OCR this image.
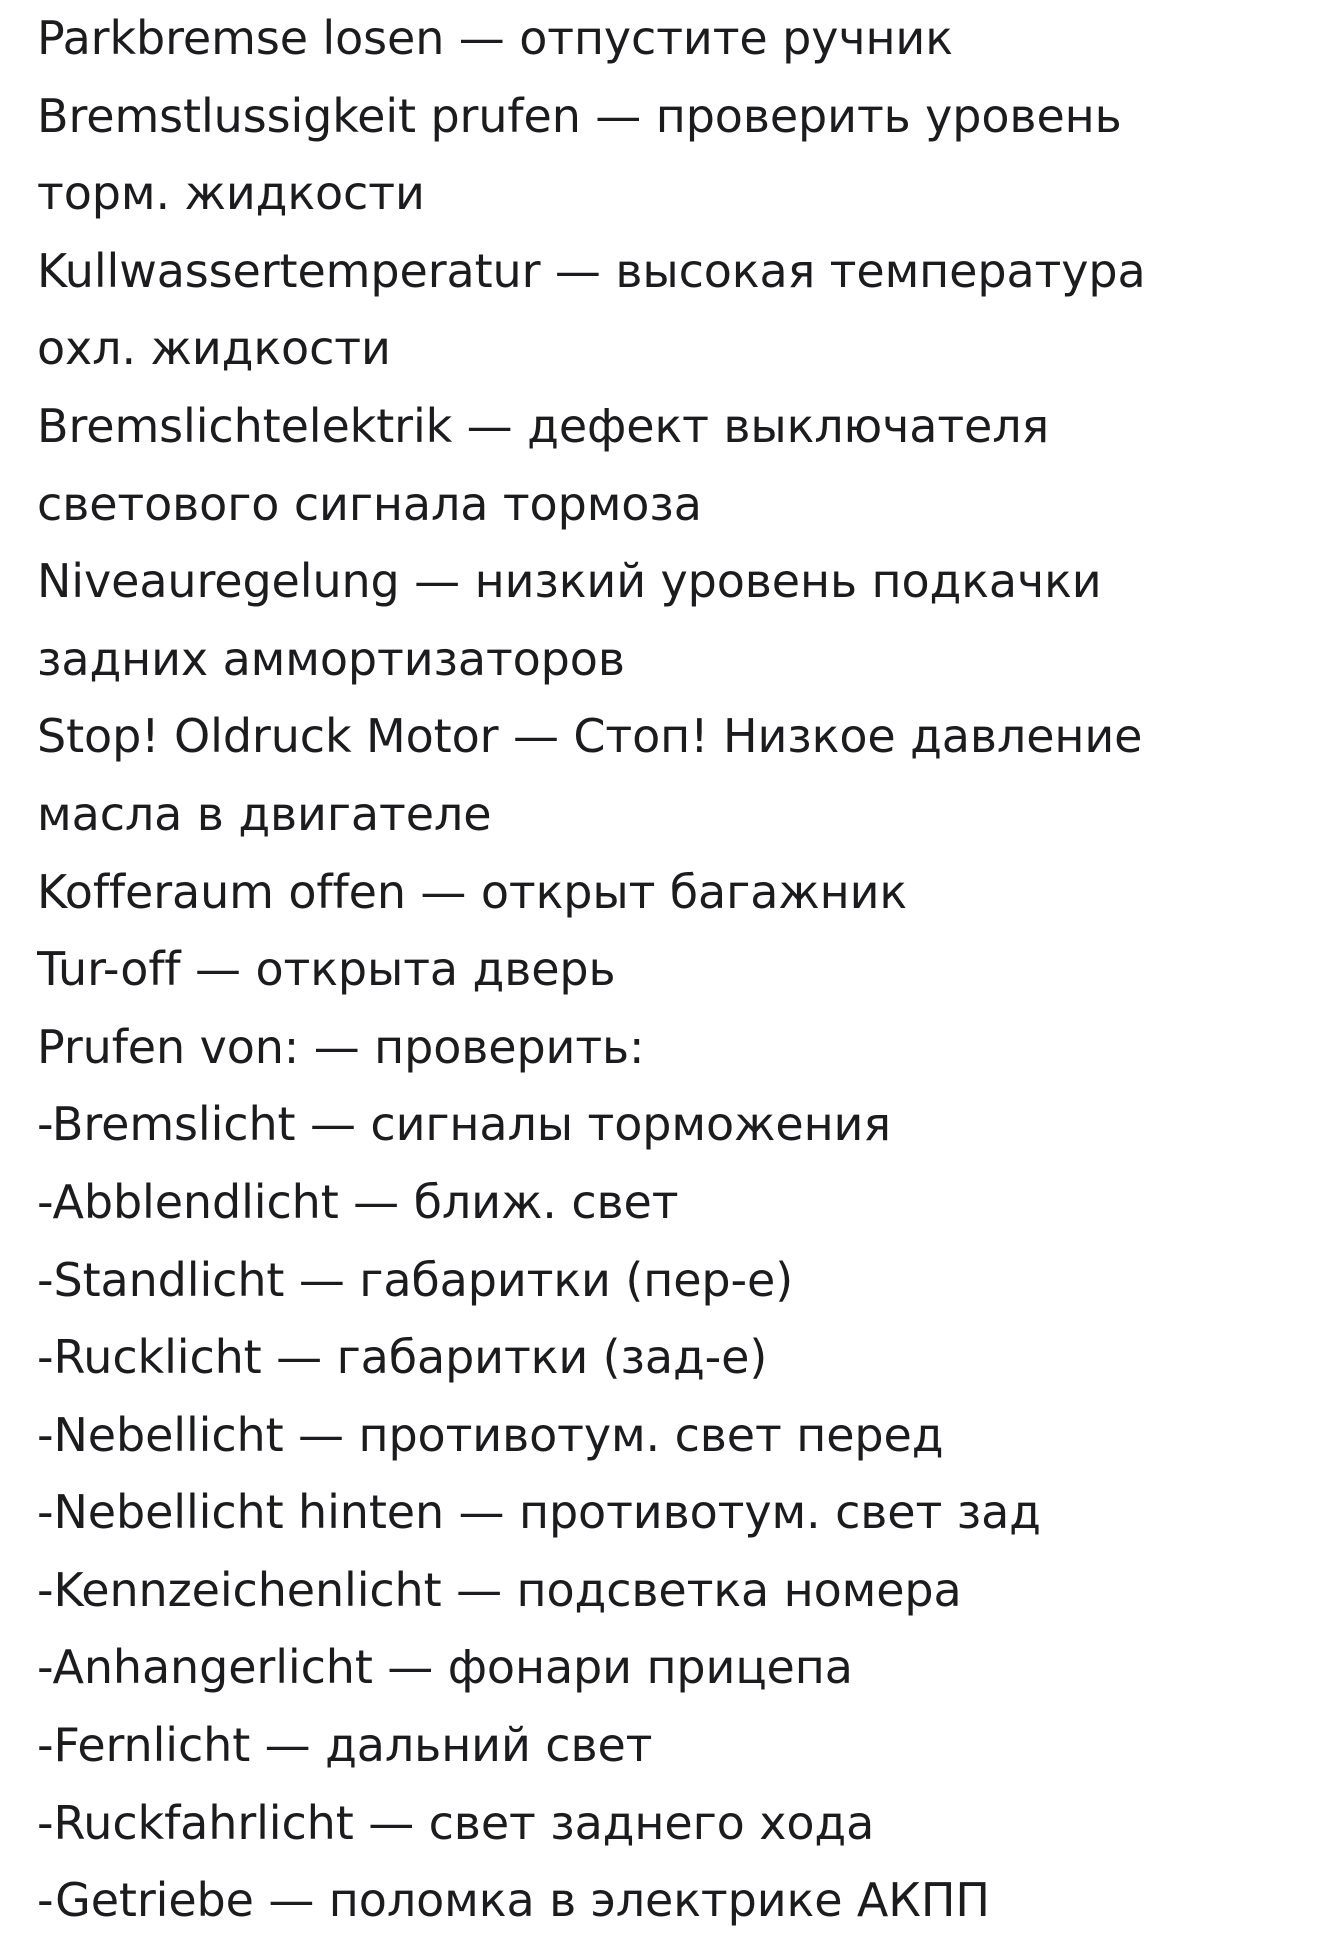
Parkbremse losen — отпустите ручник

Bremstlussigkeit prufen — проверить уровень

торм. жидкости

Kullwassertemperatur — высокая температура

охл. жидкости

Bremslichtelektrik — дефект выключателя

светового сигнала тормоза

Niveauregelung — низкий уровень подкачки

задних аммортизаторов

Stop! Oldruck Motor — Стоп! Низкое давление

масла в двигателе

Kofferaum offen — открыт багажник

Tur-off — открыта дверь

Prufen von: — проверить:

-Bremslicht — сигналы торможения

-Abblendlicht — ближ. свет

-Standlicht — габаритки (пер-е)

-Rucklicht — габаритки (зад-е)

-Nebellicht — противотум. свет перед

-Nebellicht hinten — противотум. свет зад

-Kennzeichenlicht — подсветка номера

-Anhangerlicht — фонари прицепа

-Fernlicht — дальний свет

-Ruckfahrlicht — свет заднего хода

-Getriebe — поломка в электрике АКПП
